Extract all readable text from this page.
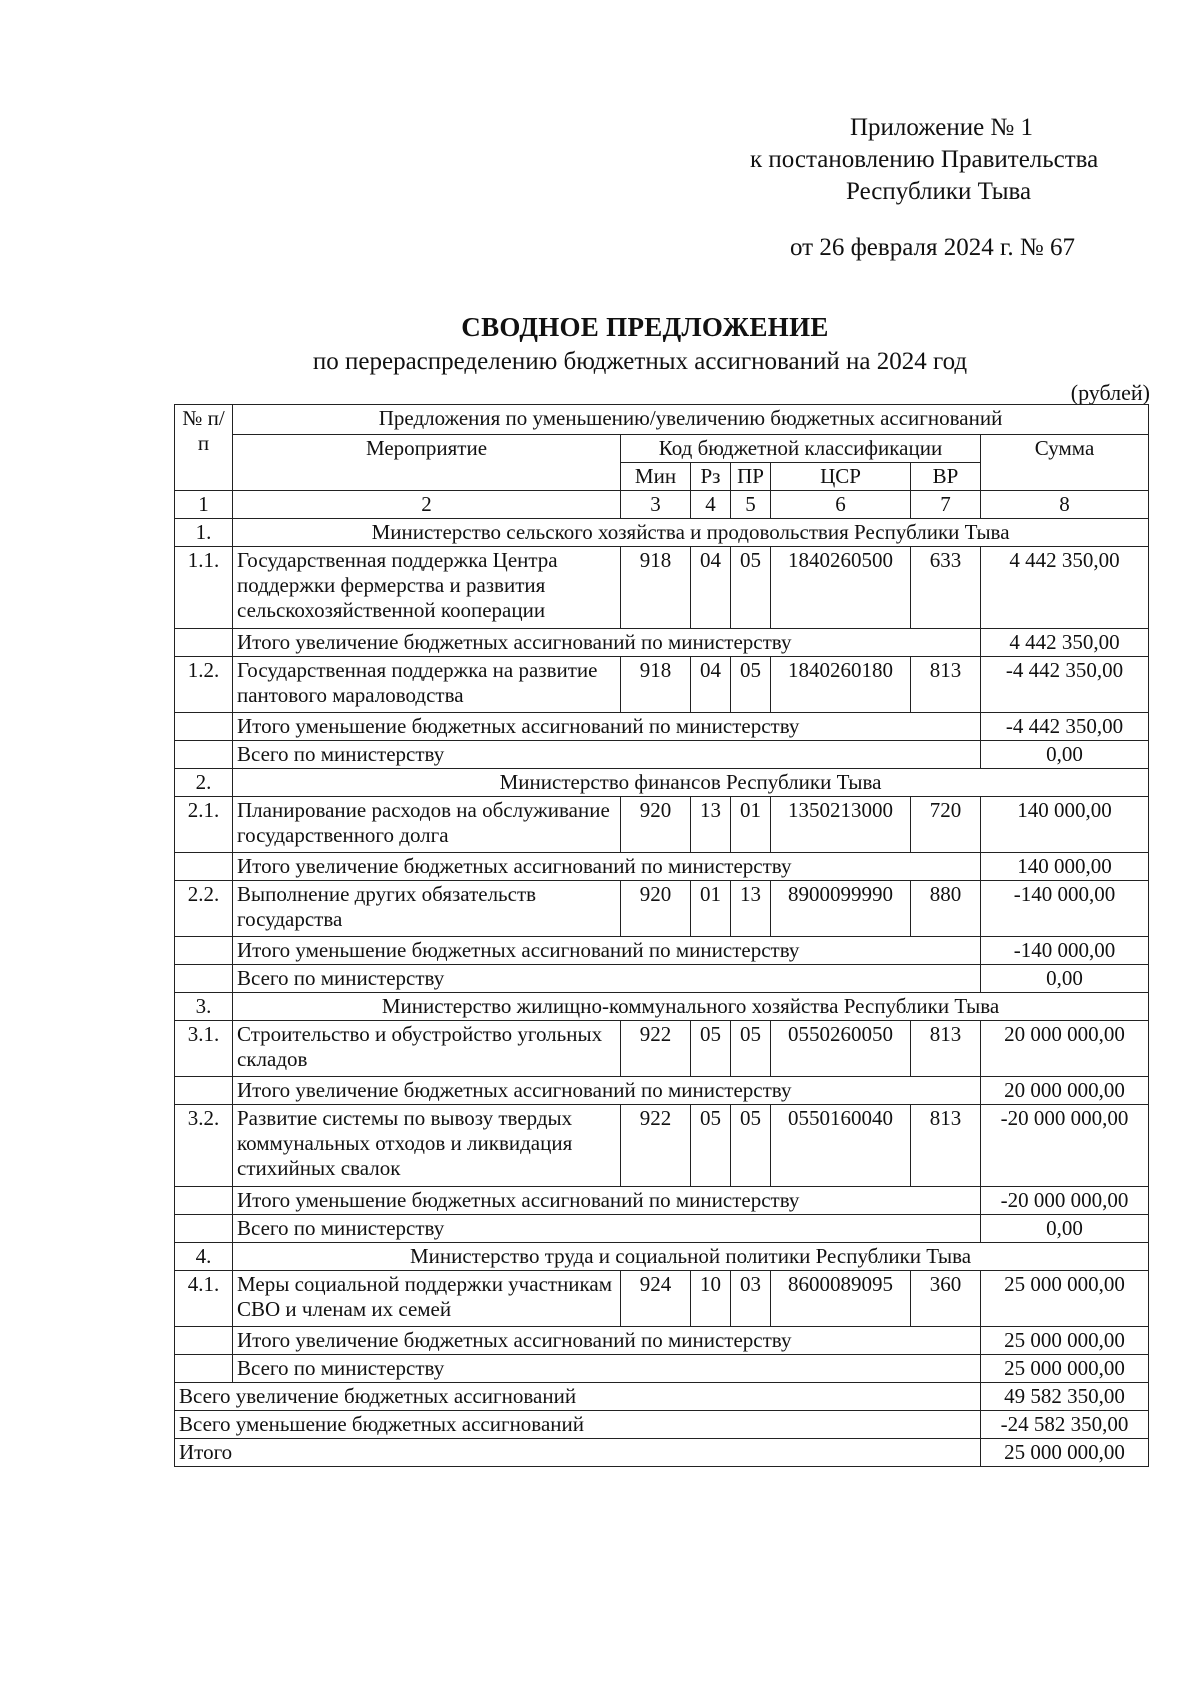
Приложение № 1
к постановлению Правительства
Республики Тыва
от 26 февраля 2024 г. № 67
СВОДНОЕ ПРЕДЛОЖЕНИЕ
по перераспределению бюджетных ассигнований на 2024 год
(рублей)
№ п/п	Предложения по уменьшению/увеличению бюджетных ассигнований						
	Мероприятие	Код бюджетной классификации					Сумма
		Мин	Рз	ПР	ЦСР	ВР	
1	2	3	4	5	6	7	8
1.	Министерство сельского хозяйства и продовольствия Республики Тыва						
1.1.	Государственная поддержка Центра поддержки фермерства и развития сельскохозяйственной кооперации	918	04	05	1840260500	633	4 442 350,00
	Итого увеличение бюджетных ассигнований по министерству						4 442 350,00
1.2.	Государственная поддержка на развитие пантового мараловодства	918	04	05	1840260180	813	-4 442 350,00
	Итого уменьшение бюджетных ассигнований по министерству						-4 442 350,00
	Всего по министерству						0,00
2.	Министерство финансов Республики Тыва						
2.1.	Планирование расходов на обслуживание государственного долга	920	13	01	1350213000	720	140 000,00
	Итого увеличение бюджетных ассигнований по министерству						140 000,00
2.2.	Выполнение других обязательств государства	920	01	13	8900099990	880	-140 000,00
	Итого уменьшение бюджетных ассигнований по министерству						-140 000,00
	Всего по министерству						0,00
3.	Министерство жилищно-коммунального хозяйства Республики Тыва						
3.1.	Строительство и обустройство угольных складов	922	05	05	0550260050	813	20 000 000,00
	Итого увеличение бюджетных ассигнований по министерству						20 000 000,00
3.2.	Развитие системы по вывозу твердых коммунальных отходов и ликвидация стихийных свалок	922	05	05	0550160040	813	-20 000 000,00
	Итого уменьшение бюджетных ассигнований по министерству						-20 000 000,00
	Всего по министерству						0,00
4.	Министерство труда и социальной политики Республики Тыва						
4.1.	Меры социальной поддержки участникам СВО и членам их семей	924	10	03	8600089095	360	25 000 000,00
	Итого увеличение бюджетных ассигнований по министерству						25 000 000,00
	Всего по министерству						25 000 000,00
Всего увеличение бюджетных ассигнований							49 582 350,00
Всего уменьшение бюджетных ассигнований							-24 582 350,00
Итого							25 000 000,00
